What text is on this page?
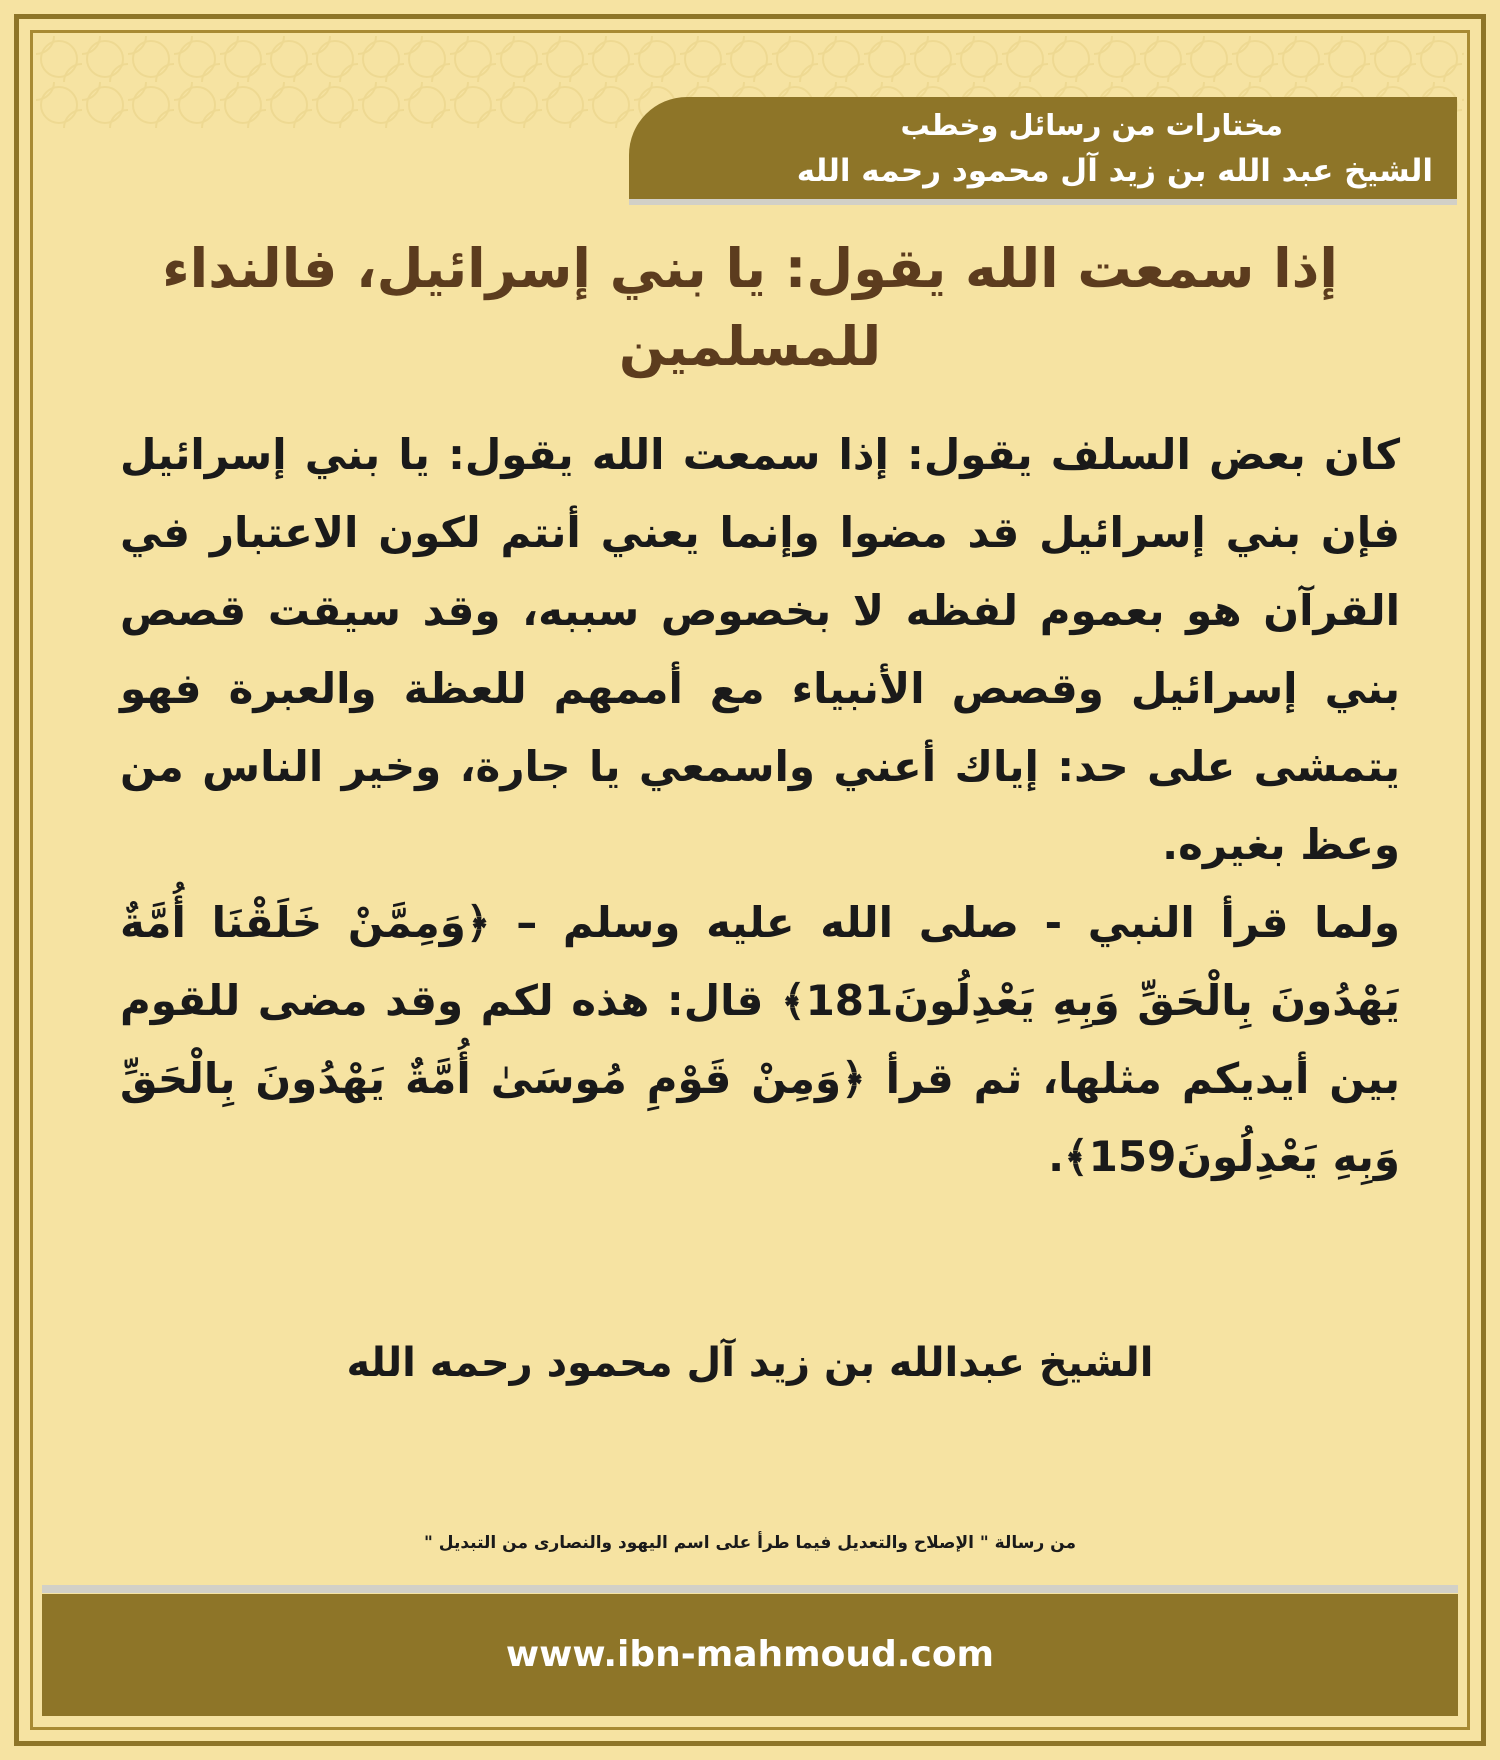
مختارات من رسائل وخطب
الشيخ عبد الله بن زيد آل محمود رحمه الله
إذا سمعت الله يقول: يا بني إسرائيل، فالنداء للمسلمين

كان بعض السلف يقول: إذا سمعت الله يقول: يا بني إسرائيل فإن بني إسرائيل قد مضوا وإنما يعني أنتم لكون الاعتبار في القرآن هو بعموم لفظه لا بخصوص سببه، وقد سيقت قصص بني إسرائيل وقصص الأنبياء مع أممهم للعظة والعبرة فهو يتمشى على حد: إياك أعني واسمعي يا جارة، وخير الناس من وعظ بغيره.

ولما قرأ النبي - صلى الله عليه وسلم – ﴿وَمِمَّنْ خَلَقْنَا أُمَّةٌ يَهْدُونَ بِالْحَقِّ وَبِهِ يَعْدِلُونَ181﴾ قال: هذه لكم وقد مضى للقوم بين أيديكم مثلها، ثم قرأ ﴿وَمِنْ قَوْمِ مُوسَىٰ أُمَّةٌ يَهْدُونَ بِالْحَقِّ وَبِهِ يَعْدِلُونَ159﴾.

الشيخ عبدالله بن زيد آل محمود رحمه الله
من رسالة " الإصلاح والتعديل فيما طرأ على اسم اليهود والنصارى من التبديل "
www.ibn-mahmoud.com
